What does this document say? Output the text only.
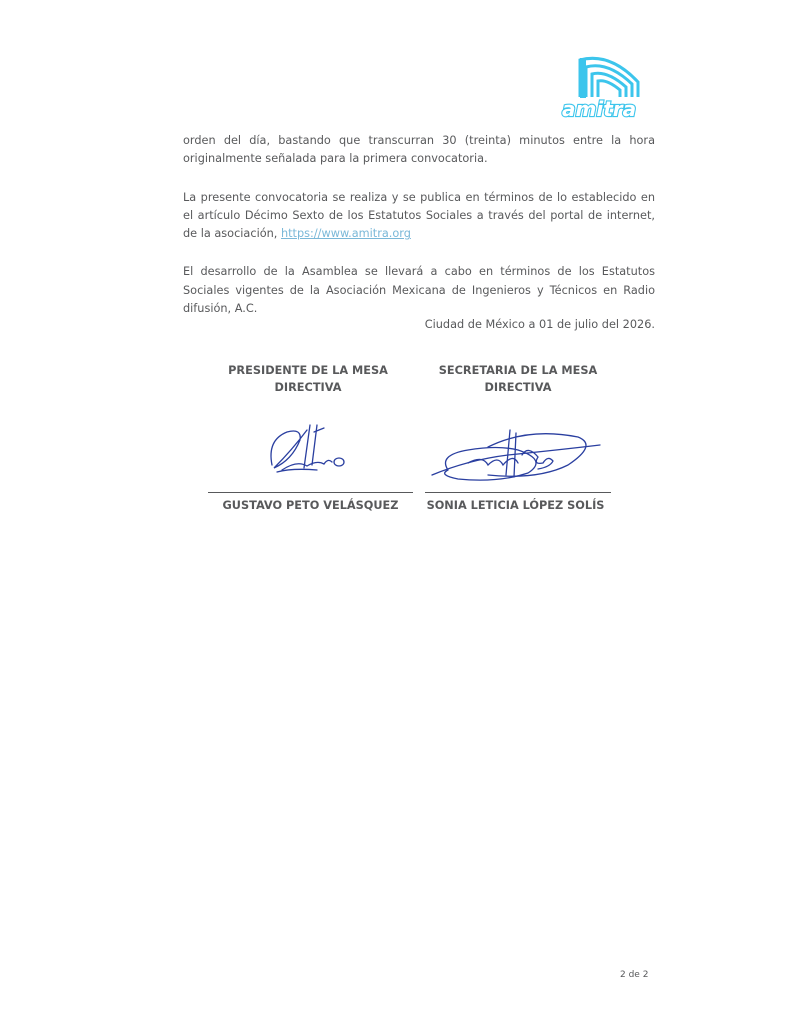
amitra

orden del día, bastando que transcurran 30 (treinta) minutos entre la hora originalmente señalada para la primera convocatoria.

La presente convocatoria se realiza y se publica en términos de lo establecido en el artículo Décimo Sexto de los Estatutos Sociales a través del portal de internet, de la asociación, https://www.amitra.org

El desarrollo de la Asamblea se llevará a cabo en términos de los Estatutos Sociales vigentes de la Asociación Mexicana de Ingenieros y Técnicos en Radio difusión, A.C.

Ciudad de México a 01 de julio del 2026.
PRESIDENTE DE LA MESA
DIRECTIVA
SECRETARIA DE LA MESA
DIRECTIVA
GUSTAVO PETO VELÁSQUEZ	SONIA LETICIA LÓPEZ SOLÍS
2 de 2
